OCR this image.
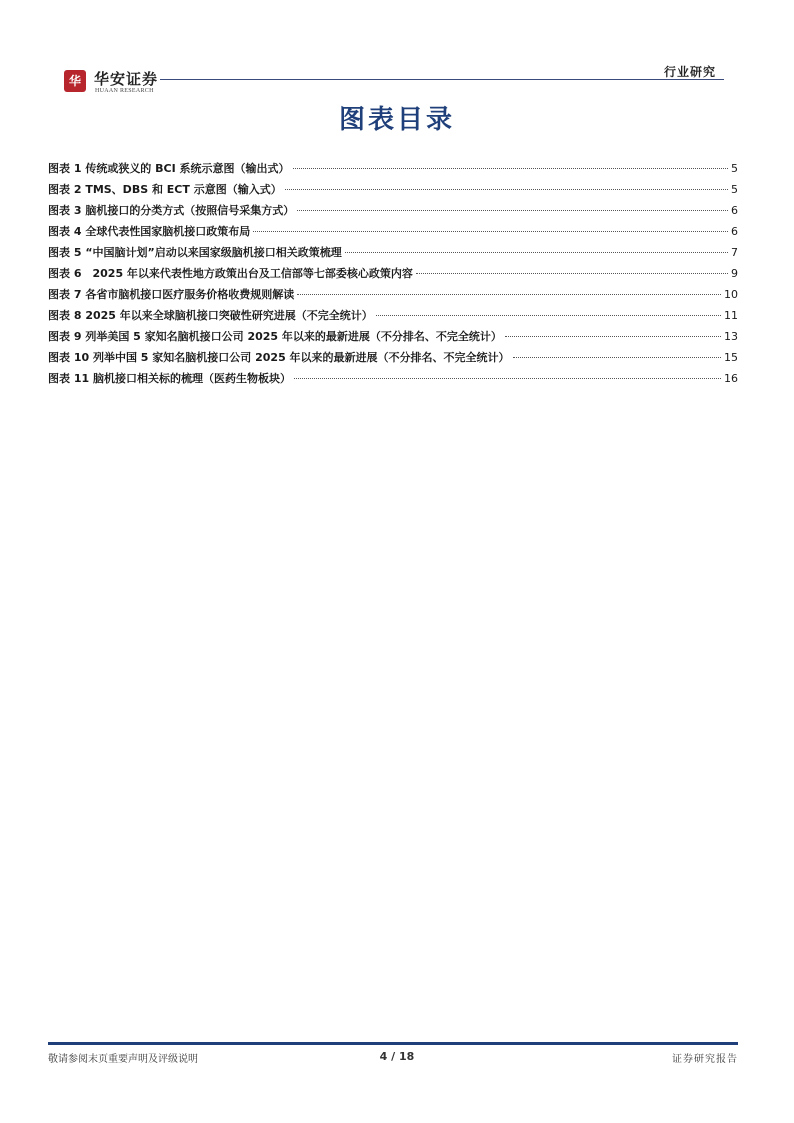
华 华安证券
HUAAN RESEARCH
行业研究
图表目录
图表 1 传统或狭义的 BCI 系统示意图（输出式）	5
图表 2 TMS、DBS 和 ECT 示意图（输入式）	5
图表 3 脑机接口的分类方式（按照信号采集方式）	6
图表 4 全球代表性国家脑机接口政策布局	6
图表 5 “中国脑计划”启动以来国家级脑机接口相关政策梳理	7
图表 6　2025 年以来代表性地方政策出台及工信部等七部委核心政策内容	9
图表 7 各省市脑机接口医疗服务价格收费规则解读	10
图表 8 2025 年以来全球脑机接口突破性研究进展（不完全统计）	11
图表 9 列举美国 5 家知名脑机接口公司 2025 年以来的最新进展（不分排名、不完全统计）	13
图表 10 列举中国 5 家知名脑机接口公司 2025 年以来的最新进展（不分排名、不完全统计）	15
图表 11 脑机接口相关标的梳理（医药生物板块）	16
敬请参阅末页重要声明及评级说明	4 / 18	证券研究报告
